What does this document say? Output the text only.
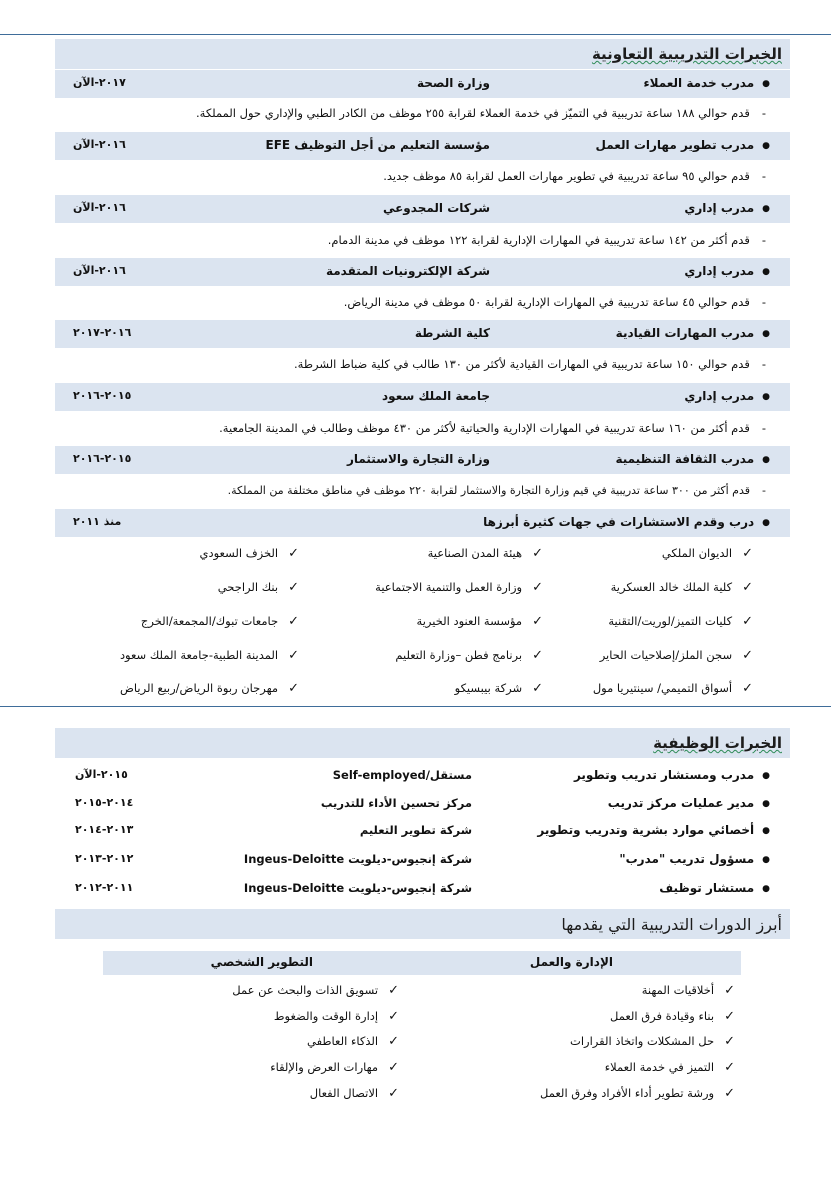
الخبرات التدريبية التعاونية
● مدرب خدمة العملاء
وزارة الصحة
٢٠١٧-الآن
- قدم حوالي ١٨٨ ساعة تدريبية في التميّز في خدمة العملاء لقرابة ٢٥٥ موظف من الكادر الطبي والإداري حول المملكة.
● مدرب تطوير مهارات العمل
مؤسسة التعليم من أجل التوظيف EFE
٢٠١٦-الآن
- قدم حوالي ٩٥ ساعة تدريبية في تطوير مهارات العمل لقرابة ٨٥ موظف جديد.
● مدرب إداري
شركات المجدوعي
٢٠١٦-الآن
- قدم أكثر من ١٤٢ ساعة تدريبية في المهارات الإدارية لقرابة ١٢٢ موظف في مدينة الدمام.
● مدرب إداري
شركة الإلكترونيات المتقدمة
٢٠١٦-الآن
- قدم حوالي ٤٥ ساعة تدريبية في المهارات الإدارية لقرابة ٥٠ موظف في مدينة الرياض.
● مدرب المهارات القيادية
كلية الشرطة
٢٠١٦-٢٠١٧
- قدم حوالي ١٥٠ ساعة تدريبية في المهارات القيادية لأكثر من ١٣٠ طالب في كلية ضباط الشرطة.
● مدرب إداري
جامعة الملك سعود
٢٠١٥-٢٠١٦
- قدم أكثر من ١٦٠ ساعة تدريبية في المهارات الإدارية والحياتية لأكثر من ٤٣٠ موظف وطالب في المدينة الجامعية.
● مدرب الثقافة التنظيمية
وزارة التجارة والاستثمار
٢٠١٥-٢٠١٦
- قدم أكثر من ٣٠٠ ساعة تدريبية في قيم وزارة التجارة والاستثمار لقرابة ٢٢٠ موظف في مناطق مختلفة من المملكة.
● درب وقدم الاستشارات في جهات كثيرة أبرزها
منذ ٢٠١١
✓الديوان الملكي
✓كلية الملك خالد العسكرية
✓كليات التميز/لوريت/التقنية
✓سجن الملز/إصلاحيات الحاير
✓أسواق التميمي/ سينتيريا مول
✓هيئة المدن الصناعية
✓وزارة العمل والتنمية الاجتماعية
✓مؤسسة العنود الخيرية
✓برنامج فطن –وزارة التعليم
✓شركة بيبسيكو
✓الخزف السعودي
✓بنك الراجحي
✓جامعات تبوك/المجمعة/الخرج
✓المدينة الطبية-جامعة الملك سعود
✓مهرجان ربوة الرياض/ربيع الرياض
الخبرات الوظيفية
● مدرب ومستشار تدريب وتطوير
مستقل/Self-employed
٢٠١٥-الآن
● مدير عمليات مركز تدريب
مركز تحسين الأداء للتدريب
٢٠١٤-٢٠١٥
● أخصائي موارد بشرية وتدريب وتطوير
شركة تطوير التعليم
٢٠١٣-٢٠١٤
● مسؤول تدريب "مدرب"
شركة إنجيوس-ديلويت Ingeus-Deloitte
٢٠١٢-٢٠١٣
● مستشار توظيف
شركة إنجيوس-ديلويت Ingeus-Deloitte
٢٠١١-٢٠١٢
أبرز الدورات التدريبية التي يقدمها
الإدارة والعمل
التطوير الشخصي
✓أخلاقيات المهنة
✓بناء وقيادة فرق العمل
✓حل المشكلات واتخاذ القرارات
✓التميز في خدمة العملاء
✓ورشة تطوير أداء الأفراد وفرق العمل
✓تسويق الذات والبحث عن عمل
✓إدارة الوقت والضغوط
✓الذكاء العاطفي
✓مهارات العرض والإلقاء
✓الاتصال الفعال
